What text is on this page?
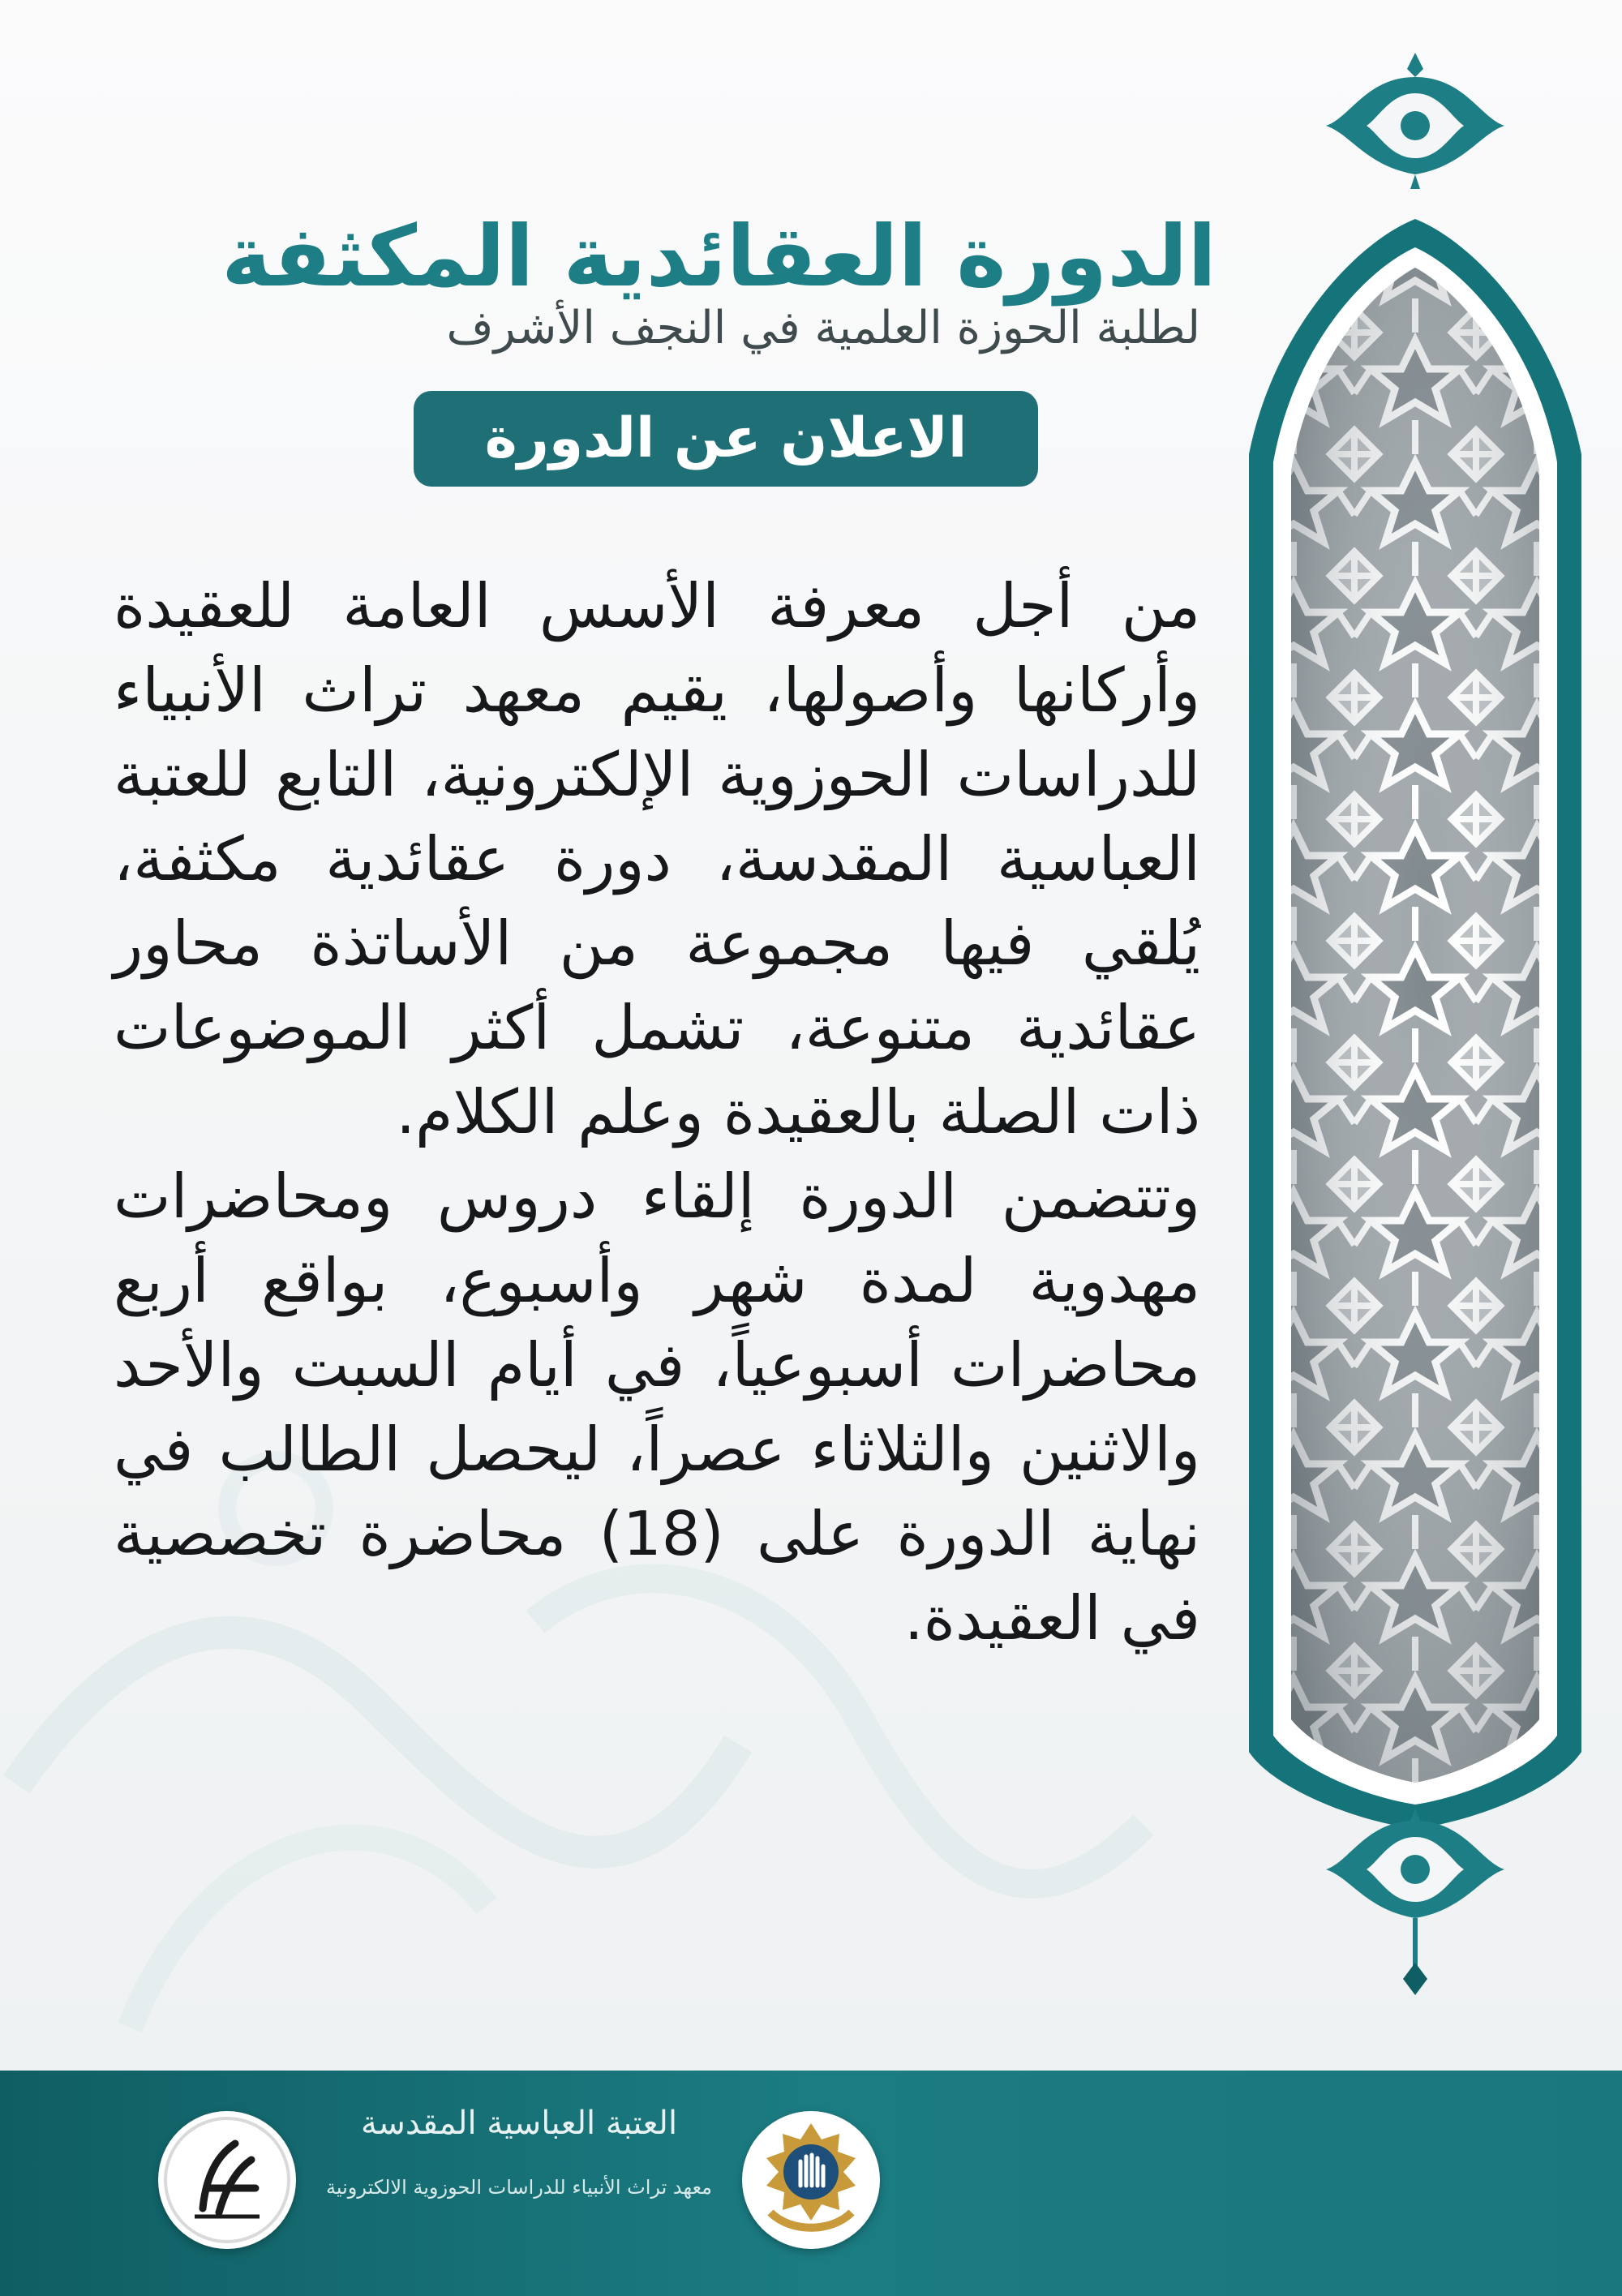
الدورة العقائدية المكثفة
لطلبة الحوزة العلمية في النجف الأشرف
الاعلان عن الدورة

من أجل معرفة الأسس العامة للعقيدة وأركانها وأصولها، يقيم معهد تراث الأنبياء للدراسات الحوزوية الإلكترونية، التابع للعتبة العباسية المقدسة، دورة عقائدية مكثفة، يُلقي فيها مجموعة من الأساتذة محاور عقائدية متنوعة، تشمل أكثر الموضوعات ذات الصلة بالعقيدة وعلم الكلام.

وتتضمن الدورة إلقاء دروس ومحاضرات مهدوية لمدة شهر وأسبوع، بواقع أربع محاضرات أسبوعياً، في أيام السبت والأحد والاثنين والثلاثاء عصراً، ليحصل الطالب في نهاية الدورة على (18) محاضرة تخصصية في العقيدة.

العتبة العباسية المقدسة
معهد تراث الأنبياء للدراسات الحوزوية الالكترونية
